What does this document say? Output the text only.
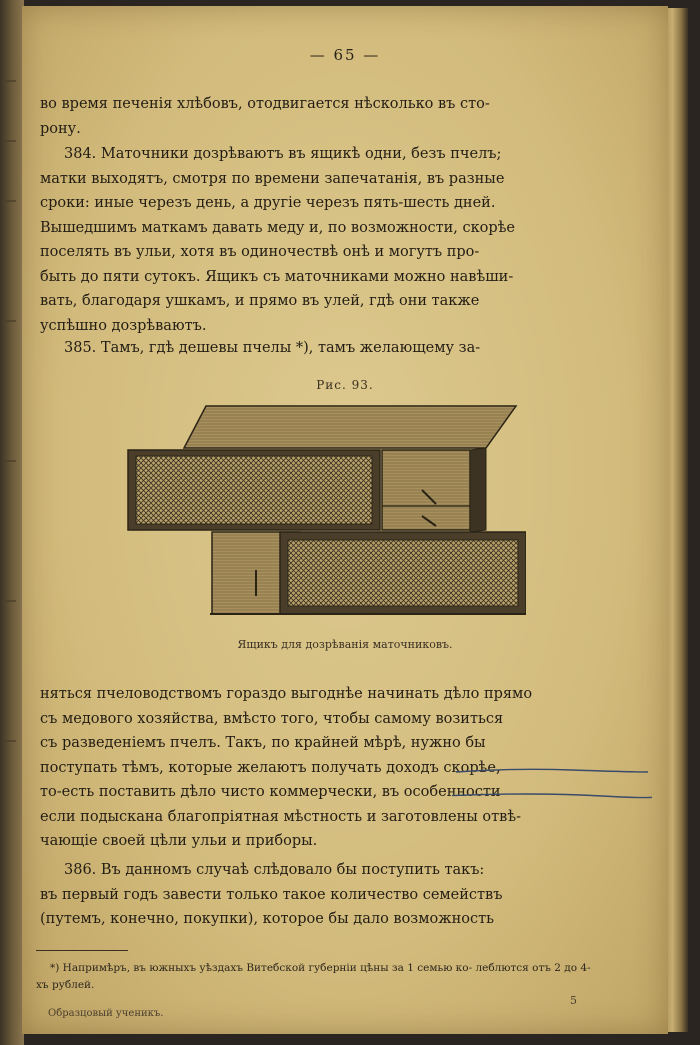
— 65 —

во время печенія хлѣбовъ, отодвигается нѣсколько въ сто-

рону.

384. Маточники дозрѣваютъ въ ящикѣ одни, безъ пчелъ;

матки выходятъ, смотря по времени запечатанія, въ разные

сроки: иные черезъ день, а другіе черезъ пять-шесть дней.

Вышедшимъ маткамъ давать меду и, по возможности, скорѣе

поселять въ ульи, хотя въ одиночествѣ онѣ и могутъ про-

быть до пяти сутокъ. Ящикъ съ маточниками можно навѣши-

вать, благодаря ушкамъ, и прямо въ улей, гдѣ они также

успѣшно дозрѣваютъ.

385. Тамъ, гдѣ дешевы пчелы *), тамъ желающему за-

Рис. 93.
Ящикъ для дозрѣванія маточниковъ.

няться пчеловодствомъ гораздо выгоднѣе начинать дѣло прямо

съ медового хозяйства, вмѣсто того, чтобы самому возиться

съ разведеніемъ пчелъ. Такъ, по крайней мѣрѣ, нужно бы

поступать тѣмъ, которые желаютъ получать доходъ скорѣе,

то-есть поставить дѣло чисто коммерчески, въ особенности

если подыскана благопріятная мѣстность и заготовлены отвѣ-

чающіе своей цѣли ульи и приборы.

386. Въ данномъ случаѣ слѣдовало бы поступить такъ:

въ первый годъ завести только такое количество семействъ

(путемъ, конечно, покупки), которое бы дало возможность

*) Напримѣръ, въ южныхъ уѣздахъ Витебской губерніи цѣны за 1 семью ко- леблются отъ 2 до 4-хъ рублей.
5
Образцовый ученикъ.
